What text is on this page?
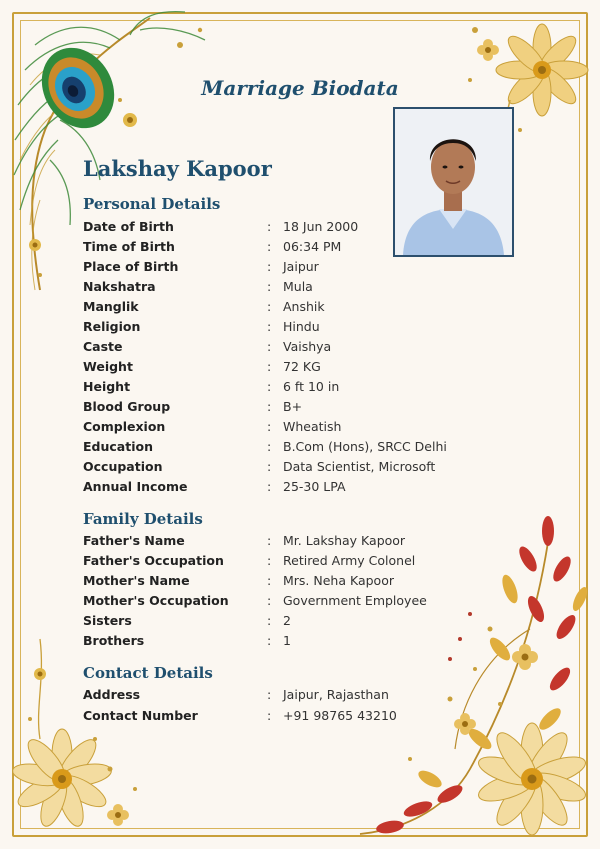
Marriage Biodata
Lakshay Kapoor
Personal Details
Date of Birth	: 18 Jun 2000
Time of Birth	: 06:34 PM
Place of Birth	: Jaipur
Nakshatra	: Mula
Manglik	: Anshik
Religion	: Hindu
Caste	: Vaishya
Weight	: 72 KG
Height	: 6 ft 10 in
Blood Group	: B+
Complexion	: Wheatish
Education	: B.Com (Hons), SRCC Delhi
Occupation	: Data Scientist, Microsoft
Annual Income	: 25-30 LPA
Family Details
Father's Name	: Mr. Lakshay Kapoor
Father's Occupation	: Retired Army Colonel
Mother's Name	: Mrs. Neha Kapoor
Mother's Occupation	: Government Employee
Sisters	: 2
Brothers	: 1
Contact Details
Address	: Jaipur, Rajasthan
Contact Number	: +91 98765 43210
